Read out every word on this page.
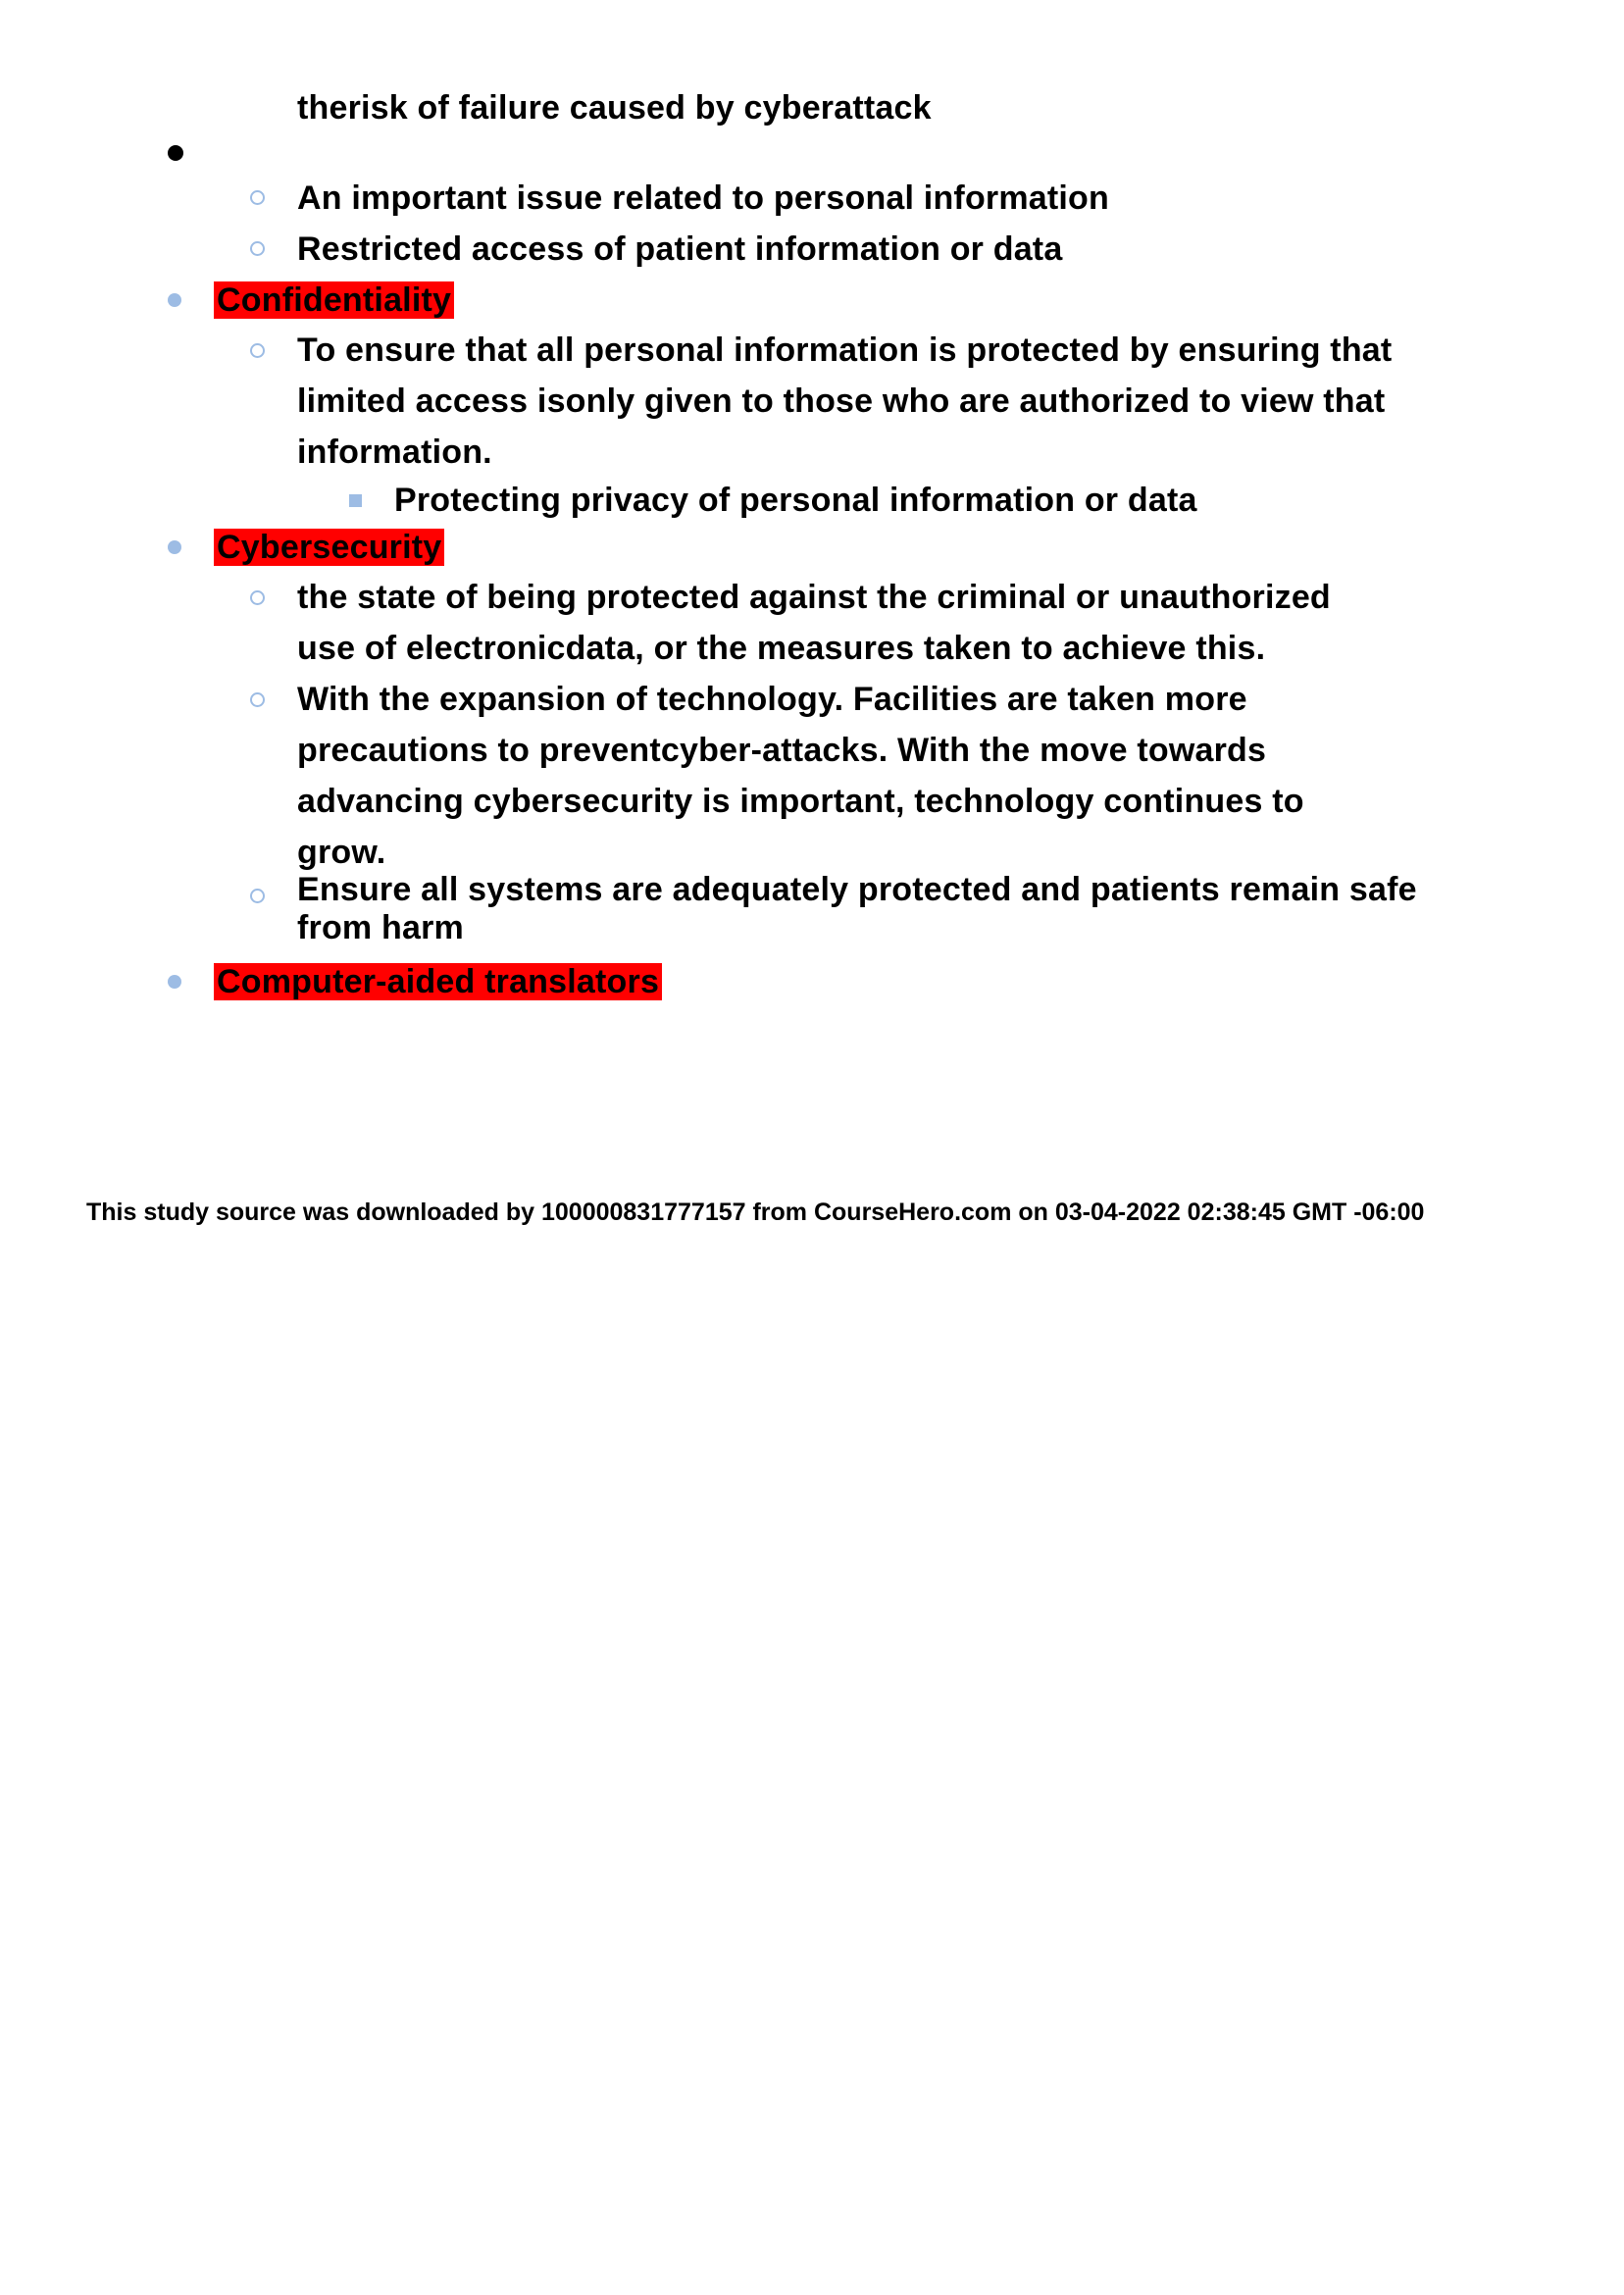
therisk of failure caused by cyberattack
An important issue related to personal information
Restricted access of patient information or data
Confidentiality
To ensure that all personal information is protected by ensuring that
limited access isonly given to those who are authorized to view that
information.
Protecting privacy of personal information or data
Cybersecurity
the state of being protected against the criminal or unauthorized
use of electronicdata, or the measures taken to achieve this.
With the expansion of technology. Facilities are taken more
precautions to preventcyber-attacks. With the move towards
advancing cybersecurity is important, technology continues to
grow.
Ensure all systems are adequately protected and patients remain safe
from harm
Computer-aided translators
This study source was downloaded by 100000831777157 from CourseHero.com on 03-04-2022 02:38:45 GMT -06:00
